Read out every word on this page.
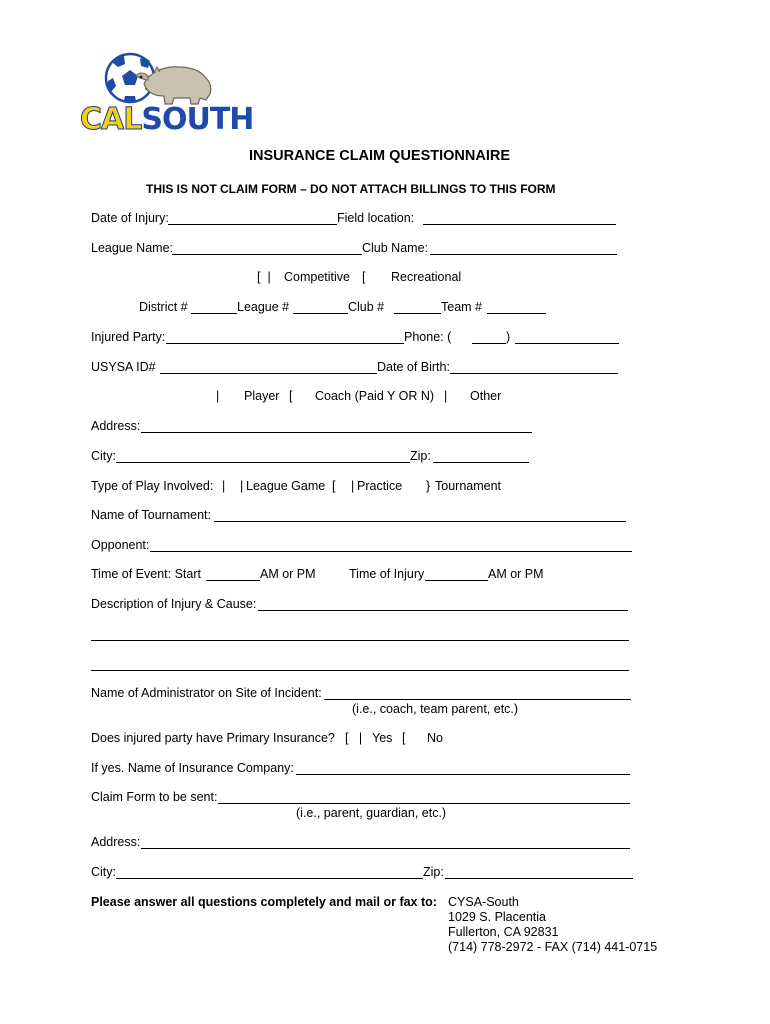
CALSOUTH
INSURANCE CLAIM QUESTIONNAIRE
THIS IS NOT CLAIM FORM – DO NOT ATTACH BILLINGS TO THIS FORM
Date of Injury:	Field location:
League Name:	Club Name:
[ | Competitive [ Recreational
District #	League #	Club #	Team #
Injured Party:	Phone: (	)
USYSA ID#	Date of Birth:
| Player [ Coach (Paid Y OR N) | Other
Address:
City:	Zip:
Type of Play Involved: | | League Game [ | Practice } Tournament
Name of Tournament:
Opponent:
Time of Event: Start	AM or PM	Time of Injury	AM or PM
Description of Injury & Cause:
Name of Administrator on Site of Incident:
(i.e., coach, team parent, etc.)
Does injured party have Primary Insurance? [ | Yes [ No
If yes. Name of Insurance Company:
Claim Form to be sent:
(i.e., parent, guardian, etc.)
Address:
City:	Zip:
Please answer all questions completely and mail or fax to: CYSA-South
1029 S. Placentia
Fullerton, CA 92831
(714) 778-2972 - FAX (714) 441-0715
